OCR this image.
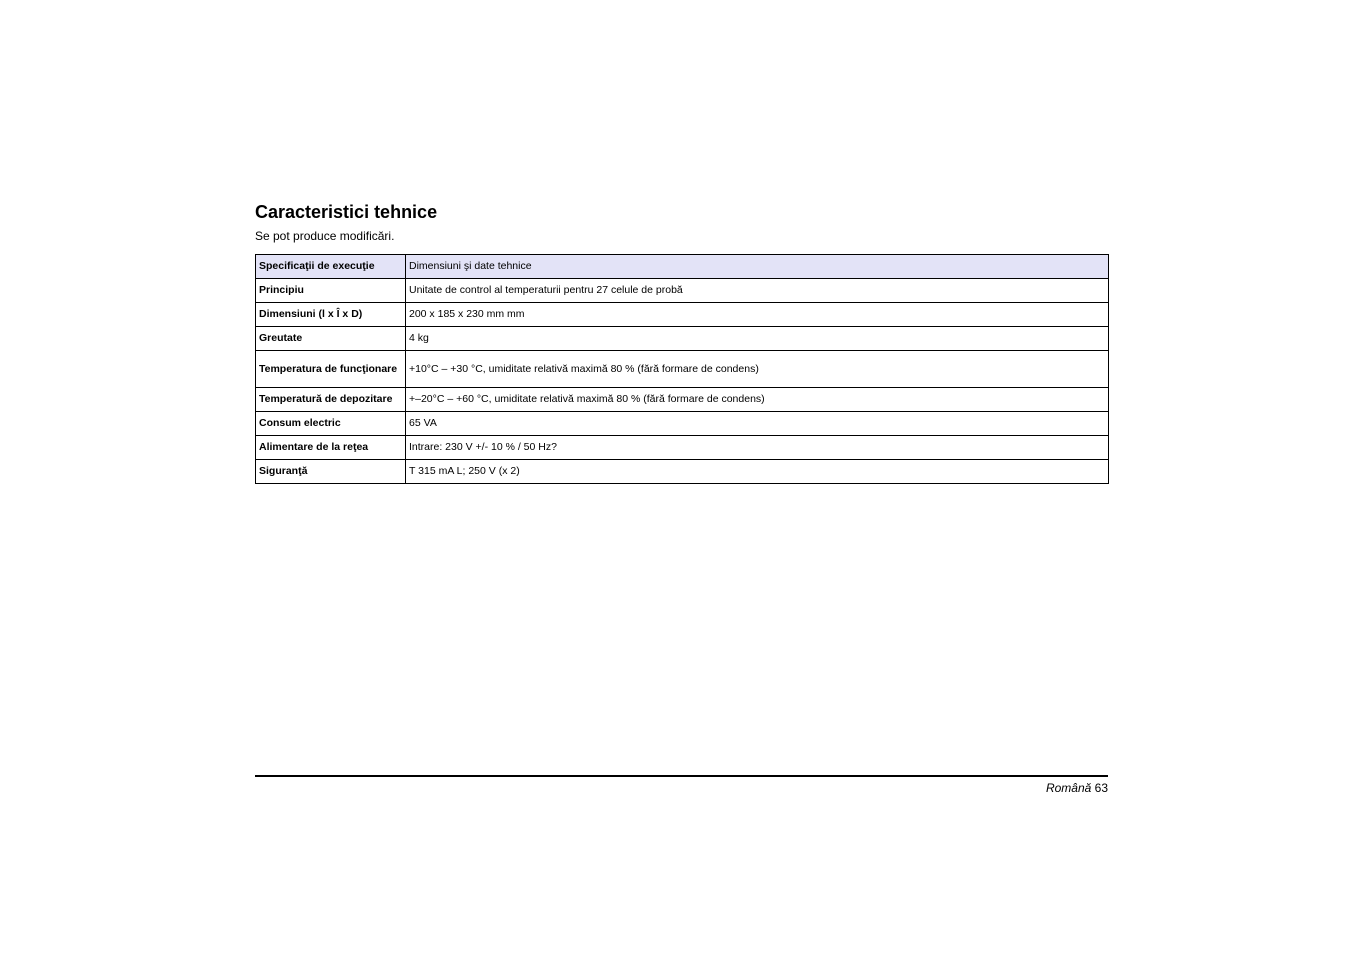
Caracteristici tehnice

Se pot produce modificări.

Specificaţii de execuţie	Dimensiuni şi date tehnice
Principiu	Unitate de control al temperaturii pentru 27 celule de probă
Dimensiuni (l x Î x D)	200 x 185 x 230 mm mm
Greutate	4 kg
Temperatura de funcţionare	+10°C – +30 °C, umiditate relativă maximă 80 % (fără formare de condens)
Temperatură de depozitare	+–20°C – +60 °C, umiditate relativă maximă 80 % (fără formare de condens)
Consum electric	65 VA
Alimentare de la reţea	Intrare: 230 V +/- 10 % / 50 Hz?
Siguranţă	T 315 mA L; 250 V (x 2)
Română 63
